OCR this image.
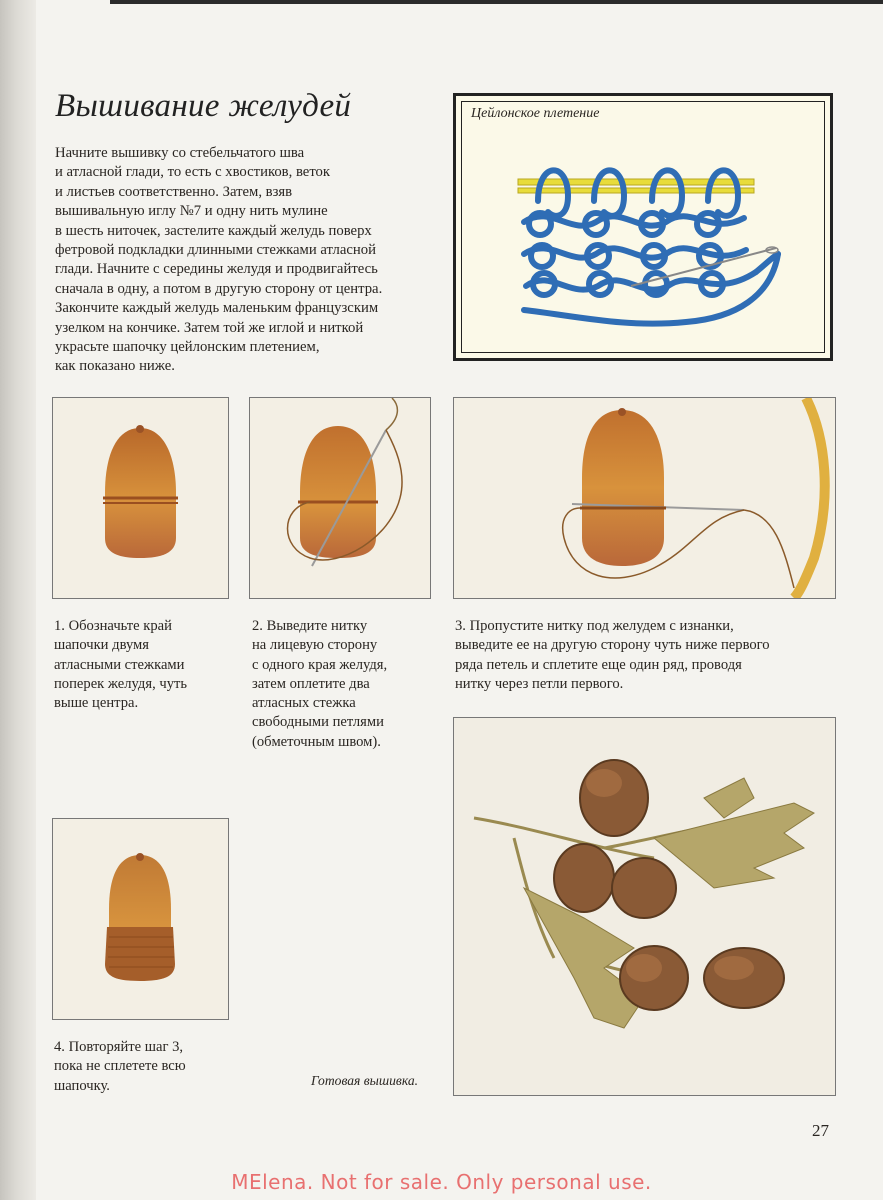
Вышивание желудей
Начните вышивку со стебельчатого шва
и атласной глади, то есть с хвостиков, веток
и листьев соответственно. Затем, взяв
вышивальную иглу №7 и одну нить мулине
в шесть ниточек, застелите каждый желудь поверх
фетровой подкладки длинными стежками атласной
глади. Начните с середины желудя и продвигайтесь
сначала в одну, а потом в другую сторону от центра.
Закончите каждый желудь маленьким французским
узелком на кончике. Затем той же иглой и ниткой
украсьте шапочку цейлонским плетением,
как показано ниже.
Цейлонское плетение
1. Обозначьте край
шапочки двумя
атласными стежками
поперек желудя, чуть
выше центра.
2. Выведите нитку
на лицевую сторону
с одного края желудя,
затем оплетите два
атласных стежка
свободными петлями
(обметочным швом).
3. Пропустите нитку под желудем с изнанки,
выведите ее на другую сторону чуть ниже первого
ряда петель и сплетите еще один ряд, проводя
нитку через петли первого.
4. Повторяйте шаг 3,
пока не сплетете всю
шапочку.	Готовая вышивка.
27
MElena. Not for sale. Only personal use.
